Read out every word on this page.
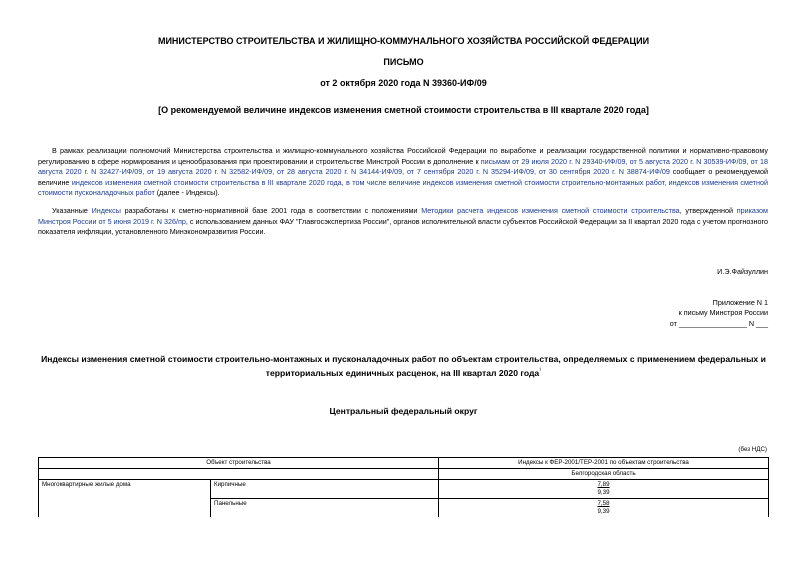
МИНИСТЕРСТВО СТРОИТЕЛЬСТВА И ЖИЛИЩНО-КОММУНАЛЬНОГО ХОЗЯЙСТВА РОССИЙСКОЙ ФЕДЕРАЦИИ
ПИСЬМО
от 2 октября 2020 года N 39360-ИФ/09
[О рекомендуемой величине индексов изменения сметной стоимости строительства в III квартале 2020 года]
В рамках реализации полномочий Министерства строительства и жилищно-коммунального хозяйства Российской Федерации по выработке и реализации государственной политики и нормативно-правовому регулированию в сфере нормирования и ценообразования при проектировании и строительстве Минстрой России в дополнение к письмам от 29 июля 2020 г. N 29340-ИФ/09, от 5 августа 2020 г. N 30539-ИФ/09, от 18 августа 2020 г. N 32427-ИФ/09, от 19 августа 2020 г. N 32582-ИФ/09, от 28 августа 2020 г. N 34144-ИФ/09, от 7 сентября 2020 г. N 35294-ИФ/09, от 30 сентября 2020 г. N 38874-ИФ/09 сообщает о рекомендуемой величине индексов изменения сметной стоимости строительства в III квартале 2020 года, в том числе величине индексов изменения сметной стоимости строительно-монтажных работ, индексов изменения сметной стоимости пусконаладочных работ (далее - Индексы).
Указанные Индексы разработаны к сметно-нормативной базе 2001 года в соответствии с положениями Методики расчета индексов изменения сметной стоимости строительства, утвержденной приказом Минстроя России от 5 июня 2019 г. N 326/пр, с использованием данных ФАУ "Главгосэкспертиза России", органов исполнительной власти субъектов Российской Федерации за II квартал 2020 года с учетом прогнозного показателя инфляции, установленного Минэкономразвития России.
И.Э.Файзуллин
Приложение N 1
к письму Минстроя России
от _________________ N ___
Индексы изменения сметной стоимости строительно-монтажных и пусконаладочных работ по объектам строительства, определяемых с применением федеральных и территориальных единичных расценок, на III квартал 2020 года$^{^1}$
Центральный федеральный округ
(без НДС)
Объект строительства		Индексы к ФЕР-2001/ТЕР-2001 по объектам строительства
		Белгородская область
Многоквартирные жилые дома	Кирпичные	7,89
9,39

	Панельные	7,58
9,39
